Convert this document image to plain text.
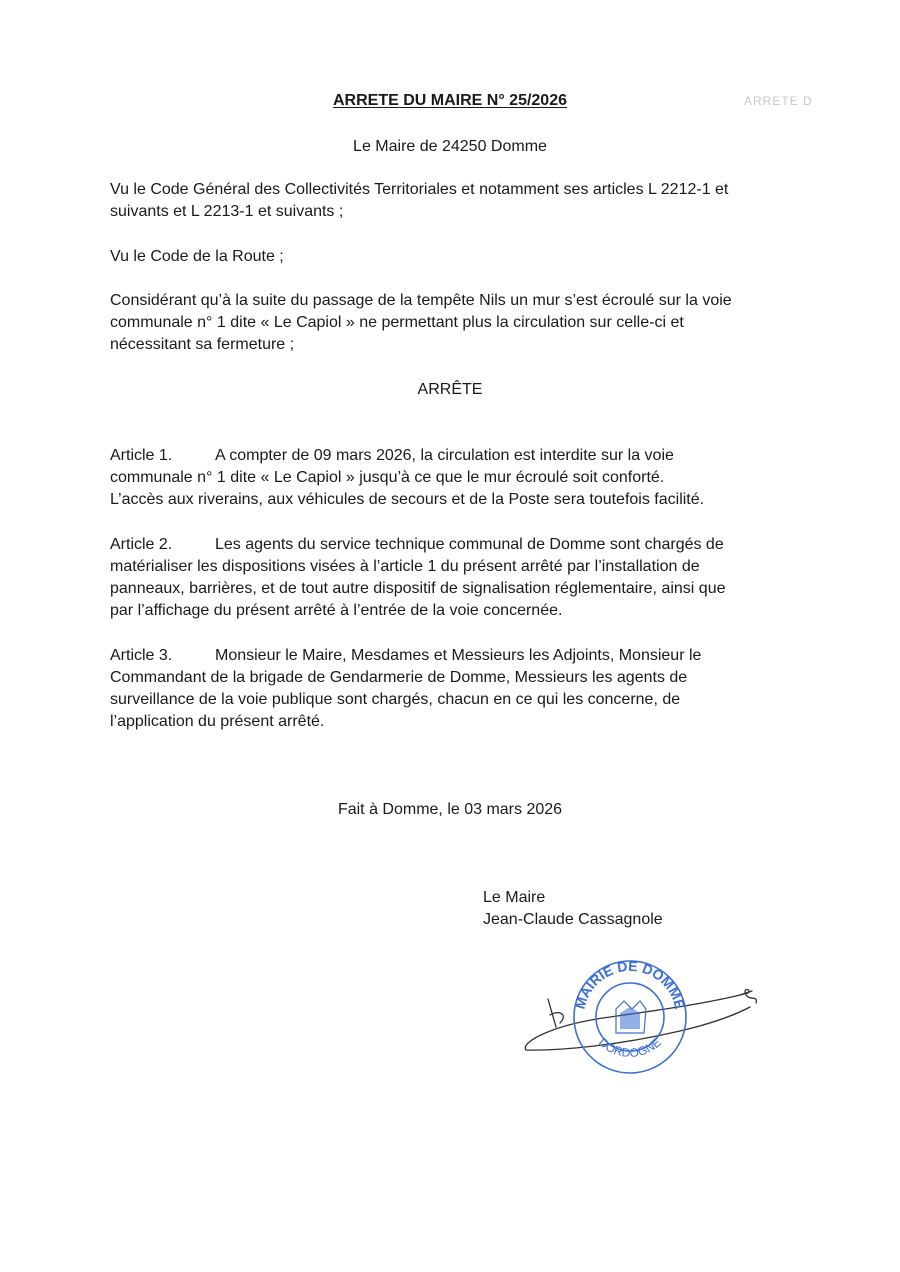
ARRETE DU MAIRE N° 25/2026	ARRETE D
Le Maire de 24250 Domme
Vu le Code Général des Collectivités Territoriales et notamment ses articles L 2212-1 et
suivants et L 2213-1 et suivants ;
Vu le Code de la Route ;
Considérant qu’à la suite du passage de la tempête Nils un mur s’est écroulé sur la voie
communale n° 1 dite « Le Capiol » ne permettant plus la circulation sur celle-ci et
nécessitant sa fermeture ;
ARRÊTE
Article 1.	A compter de 09 mars 2026, la circulation est interdite sur la voie
communale n° 1 dite « Le Capiol » jusqu’à ce que le mur écroulé soit conforté.
L’accès aux riverains, aux véhicules de secours et de la Poste sera toutefois facilité.
Article 2.	Les agents du service technique communal de Domme sont chargés de
matérialiser les dispositions visées à l’article 1 du présent arrêté par l’installation de
panneaux, barrières, et de tout autre dispositif de signalisation réglementaire, ainsi que
par l’affichage du présent arrêté à l’entrée de la voie concernée.
Article 3.	Monsieur le Maire, Mesdames et Messieurs les Adjoints, Monsieur le
Commandant de la brigade de Gendarmerie de Domme, Messieurs les agents de
surveillance de la voie publique sont chargés, chacun en ce qui les concerne, de
l’application du présent arrêté.
Fait à Domme, le 03 mars 2026
Le Maire
Jean-Claude Cassagnole
MAIRIE DE DOMME
DORDOGNE
